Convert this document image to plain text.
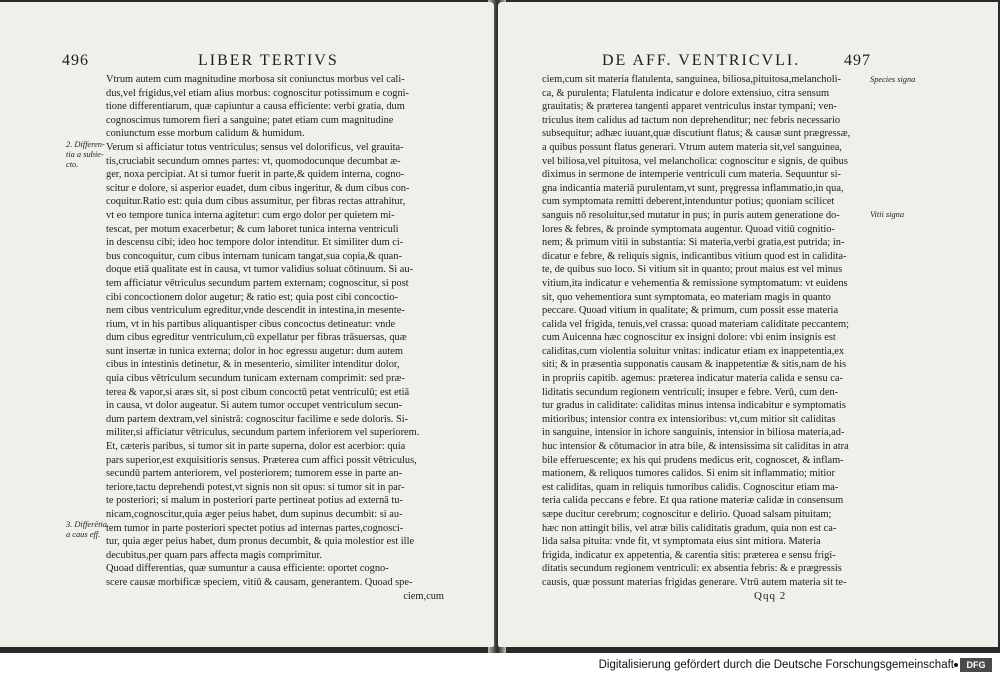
496	LIBER TERTIVS
Vtrum autem cum magnitudine morbosa sit coniunctus morbus vel cali-
dus,vel frigidus,vel etiam alius morbus: cognoscitur potissimum e cogni-
tione differentiarum, quæ capiuntur a causa efficiente: verbi gratia, dum
cognoscimus tumorem fieri a sanguine; patet etiam cum magnitudine
coniunctum esse morbum calidum & humidum.
Verum si afficiatur totus ventriculus; sensus vel dolorificus, vel grauita-
tis,cruciabit secundum omnes partes: vt, quomodocunque decumbat æ-
ger, noxa percipiat. At si tumor fuerit in parte,& quidem interna, cogno-
scitur e dolore, si asperior euadet, dum cibus ingeritur, & dum cibus con-
coquitur.Ratio est: quia dum cibus assumitur, per fibras rectas attrahitur,
vt eo tempore tunica interna agitetur: cum ergo dolor per quietem mi-
tescat, per motum exacerbetur; & cum laboret tunica interna ventriculi
in descensu cibi; ideo hoc tempore dolor intenditur. Et similiter dum ci-
bus concoquitur, cum cibus internam tunicam tangat,sua copia,& quan-
doque etiā qualitate est in causa, vt tumor validius soluat cōtinuum. Si au-
tem afficiatur vētriculus secundum partem externam; cognoscitur, si post
cibi concoctionem dolor augetur; & ratio est; quia post cibi concoctio-
nem cibus ventriculum egreditur,vnde descendit in intestina,in mesente-
rium, vt in his partibus aliquantisper cibus concoctus detineatur: vnde
dum cibus egreditur ventriculum,cū expellatur per fibras trāsuersas, quæ
sunt insertæ in tunica externa; dolor in hoc egressu augetur: dum autem
cibus in intestinis detinetur, & in mesenterio, similiter intenditur dolor,
quia cibus vētriculum secundum tunicam externam comprimit: sed præ-
terea & vapor,si aræs sit, si post cibum concoctū petat ventriculū; est etiā
in causa, vt dolor augeatur. Si autem tumor occupet ventriculum secun-
dum partem dextram,vel sinistrā: cognoscitur facilime e sede doloris. Si-
militer,si afficiatur vētriculus, secundum partem inferiorem vel superiorem.
Et, cæteris paribus, si tumor sit in parte superna, dolor est acerbior: quia
pars superior,est exquisitioris sensus. Præterea cum affici possit vētriculus,
secundū partem anteriorem, vel posteriorem; tumorem esse in parte an-
teriore,tactu deprehendi potest,vt signis non sit opus: si tumor sit in par-
te posteriori; si malum in posteriori parte pertineat potius ad externā tu-
nicam,cognoscitur,quia æger peius habet, dum supinus decumbit: si au-
tem tumor in parte posteriori spectet potius ad internas partes,cognosci-
tur, quia æger peius habet, dum pronus decumbit, & quia molestior est ille
decubitus,per quam pars affecta magis comprimitur.
Quoad differentias, quæ sumuntur a causa efficiente: oportet cogno-
scere causæ morbificæ speciem, vitiū & causam, generantem. Quoad spe-
ciem,cum
2. Differen- tia a subie- cto.
3. Differētia a caus eff.
DE AFF. VENTRICVLI.	497
ciem,cum sit materia flatulenta, sanguinea, biliosa,pituitosa,melancholi-
ca, & purulenta; Flatulenta indicatur e dolore extensiuo, citra sensum
grauitatis; & præterea tangenti apparet ventriculus instar tympani; ven-
triculus item calidus ad tactum non deprehenditur; nec febris necessario
subsequitur; adhæc iuuant,quæ discutiunt flatus; & causæ sunt prægressæ,
a quibus possunt flatus generari. Vtrum autem materia sit,vel sanguinea,
vel biliosa,vel pituitosa, vel melancholica: cognoscitur e signis, de quibus
diximus in sermone de intemperie ventriculi cum materia. Sequuntur si-
gna indicantia materiā purulentam,vt sunt, pręgressa inflammatio,in qua,
cum symptomata remitti deberent,intenduntur potius; quoniam scilicet
sanguis nō resoluitur,sed mutatur in pus; in puris autem generatione do-
lores & febres, & proinde symptomata augentur. Quoad vitiū cognitio-
nem; & primum vitii in substantia: Si materia,verbi gratia,est putrida; in-
dicatur e febre, & reliquis signis, indicantibus vitium quod est in calidita-
te, de quibus suo loco. Si vitium sit in quanto; prout maius est vel minus
vitium,ita indicatur e vehementia & remissione symptomatum: vt euidens
sit, quo vehementiora sunt symptomata, eo materiam magis in quanto
peccare. Quoad vitium in qualitate; & primum, cum possit esse materia
calida vel frigida, tenuis,vel crassa: quoad materiam caliditate peccantem;
cum Auicenna hæc cognoscitur ex insigni dolore: vbi enim insignis est
caliditas,cum violentia soluitur vnitas: indicatur etiam ex inappetentia,ex
siti; & in præsentia supponatis causam & inappetentiæ & sitis,nam de his
in propriis capitib. agemus: præterea indicatur materia calida e sensu ca-
liditatis secundum regionem ventriculi; insuper e febre. Verū, cum den-
tur gradus in caliditate: caliditas minus intensa indicabitur e symptomatis
mitioribus; intensior contra ex intensioribus: vt,cum mitior sit caliditas
in sanguine, intensior in ichore sanguinis, intensior in biliosa materia,ad-
huc intensior & cōtumacior in atra bile, & intensissima sit caliditas in atra
bile efferuescente; ex his qui prudens medicus erit, cognoscet, & inflam-
mationem, & reliquos tumores calidos. Si enim sit inflammatio; mitior
est caliditas, quam in reliquis tumoribus calidis. Cognoscitur etiam ma-
teria calida peccans e febre. Et qua ratione materiæ calidæ in consensum
sæpe ducitur cerebrum; cognoscitur e delirio. Quoad salsam pituitam;
hæc non attingit bilis, vel atræ bilis caliditatis gradum, quia non est ca-
lida salsa pituita: vnde fit, vt symptomata eius sint mitiora. Materia
frigida, indicatur ex appetentia, & carentia sitis: præterea e sensu frigi-
ditatis secundum regionem ventriculi: ex absentia febris: & e prægressis
causis, quæ possunt materias frigidas generare. Vtrū autem materia sit te-
Species signa
Vitii signa
Qqq 2
Digitalisierung gefördert durch die Deutsche Forschungsgemeinschaft	DFG
